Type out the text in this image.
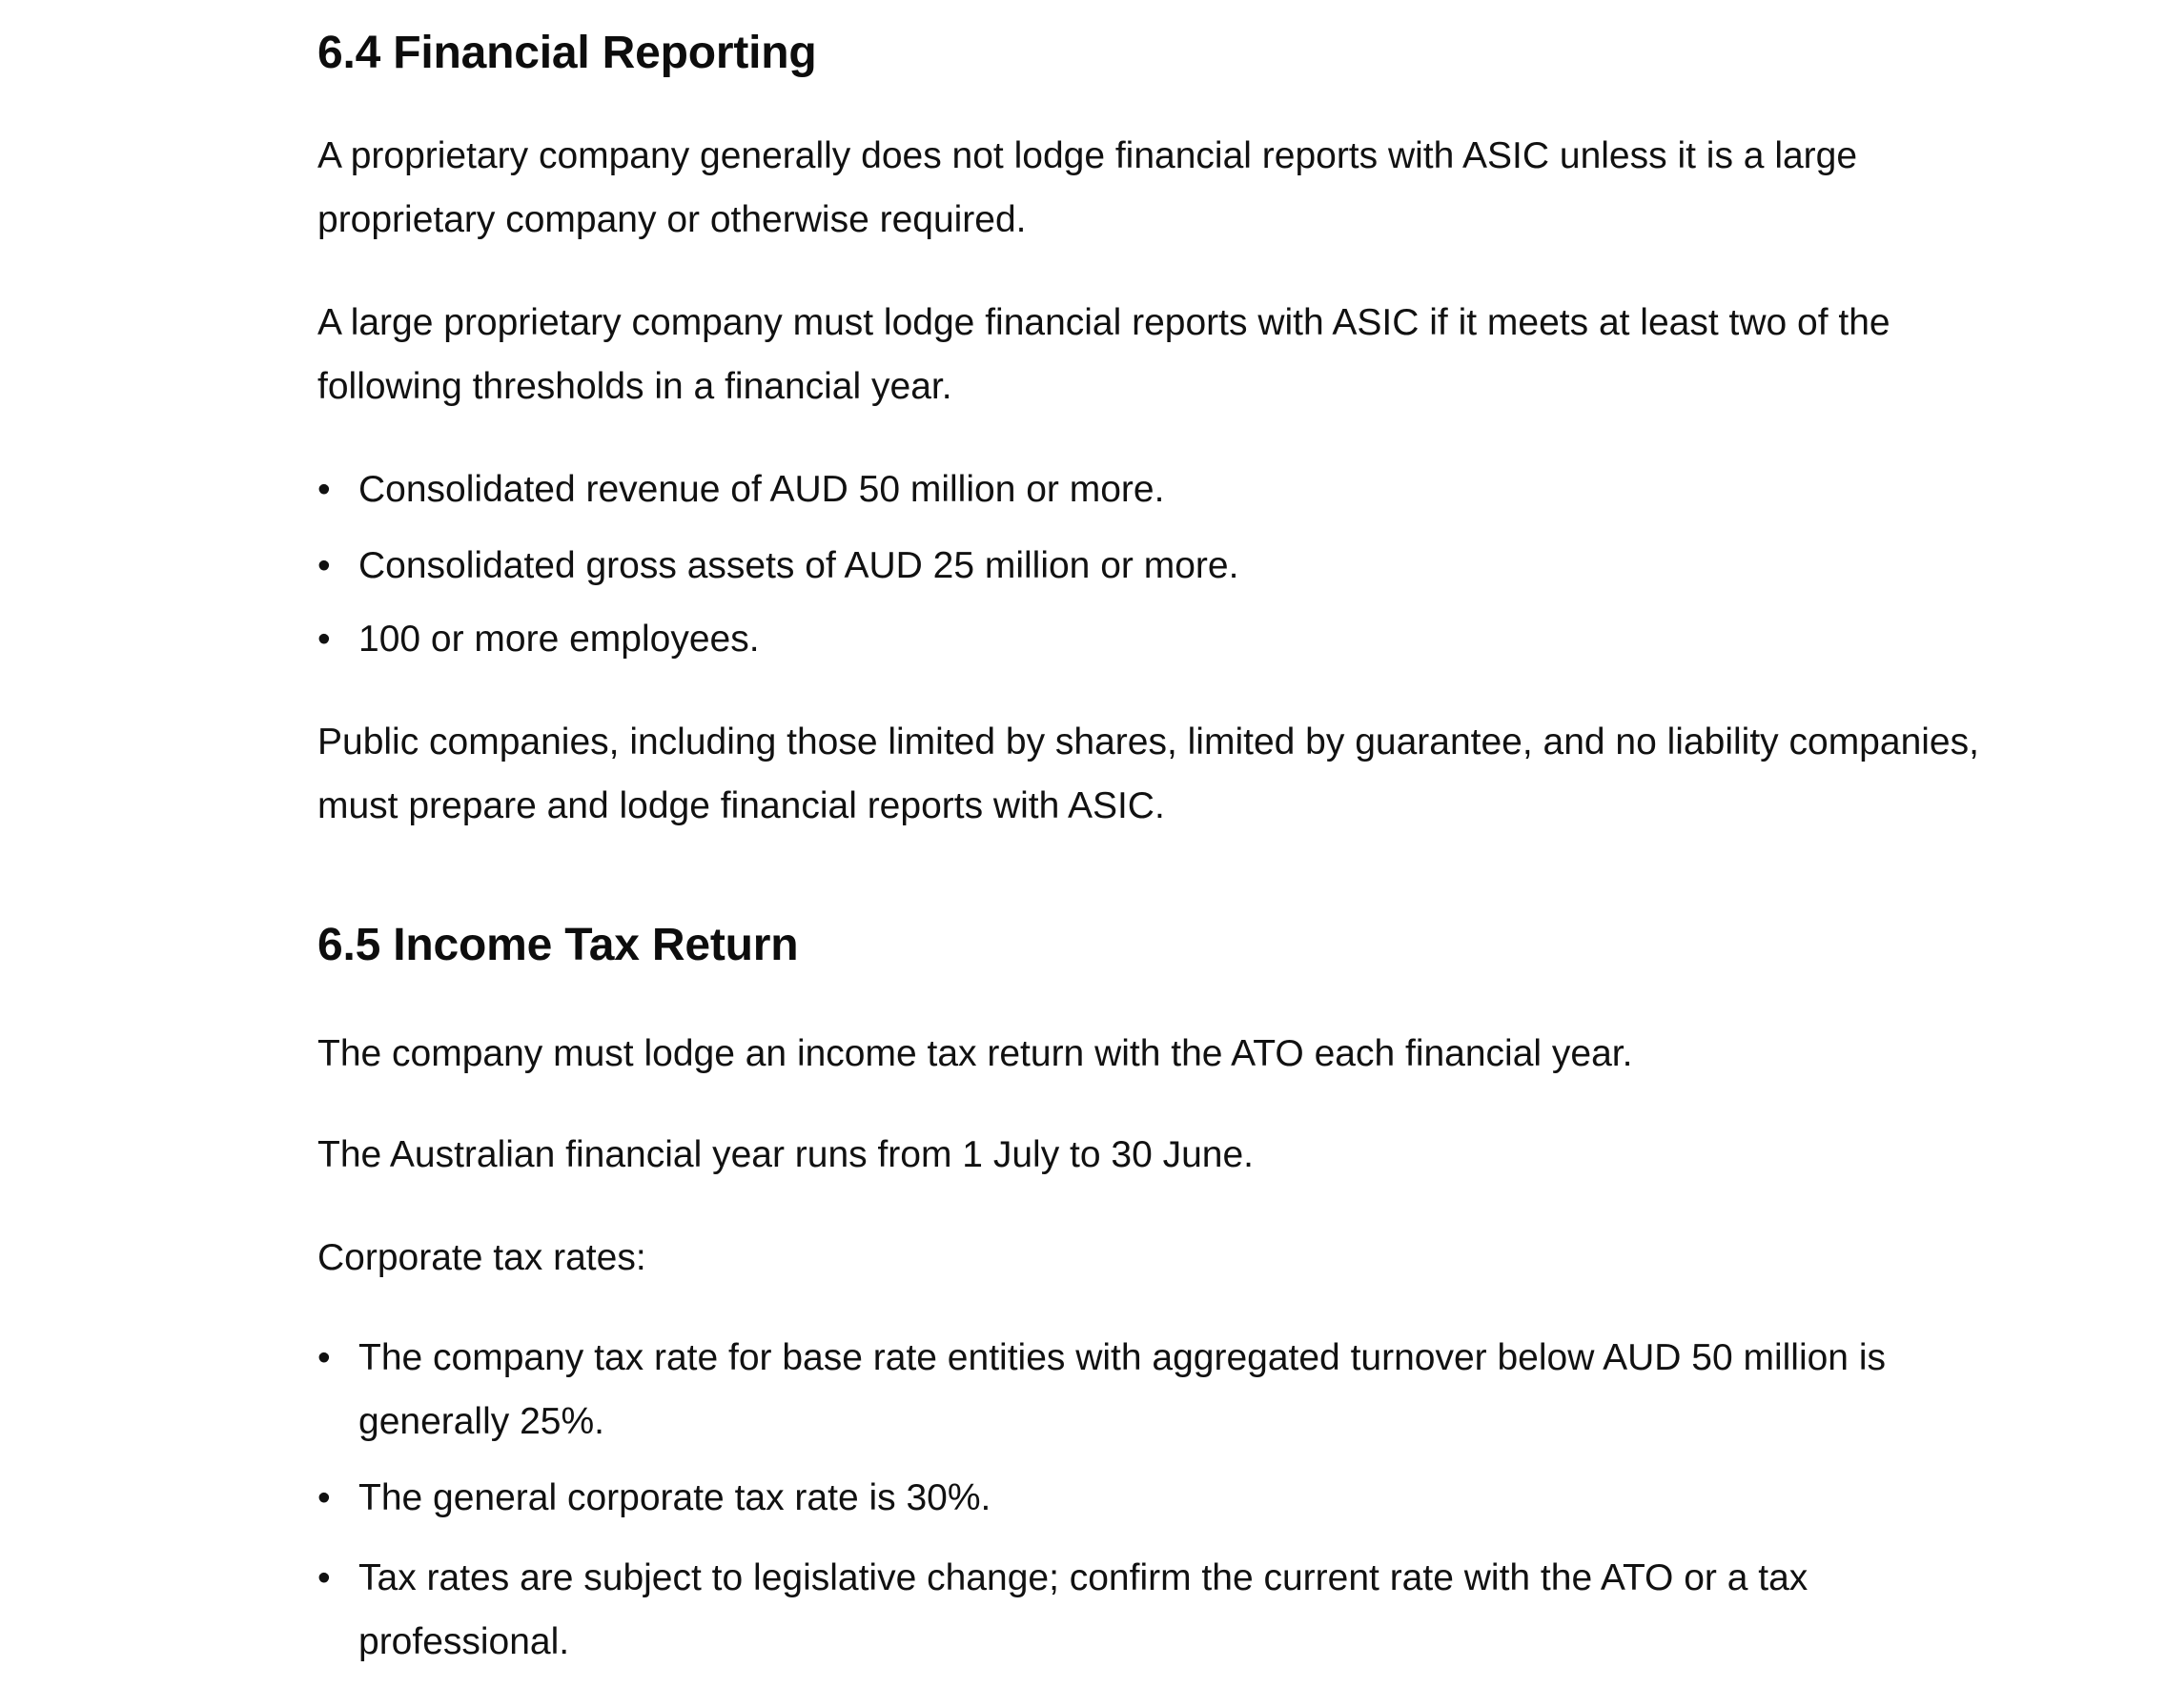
6.4 Financial Reporting

A proprietary company generally does not lodge financial reports with ASIC unless it is a large proprietary company or otherwise required.

A large proprietary company must lodge financial reports with ASIC if it meets at least two of the following thresholds in a financial year.

• Consolidated revenue of AUD 50 million or more.
• Consolidated gross assets of AUD 25 million or more.
• 100 or more employees.

Public companies, including those limited by shares, limited by guarantee, and no liability companies, must prepare and lodge financial reports with ASIC.

6.5 Income Tax Return

The company must lodge an income tax return with the ATO each financial year.

The Australian financial year runs from 1 July to 30 June.

Corporate tax rates:

• The company tax rate for base rate entities with aggregated turnover below AUD 50 million is generally 25%.
• The general corporate tax rate is 30%.
• Tax rates are subject to legislative change; confirm the current rate with the ATO or a tax professional.
